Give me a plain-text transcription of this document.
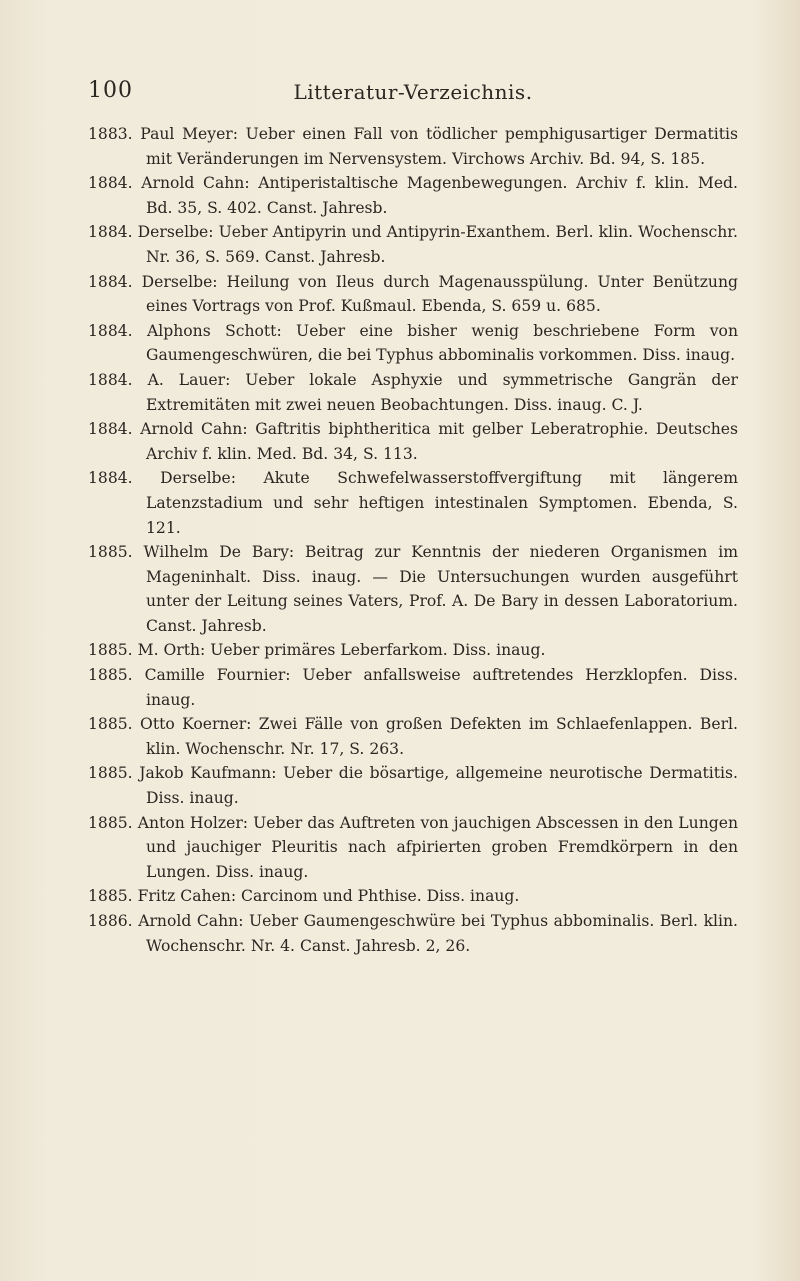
100	Litteratur-Verzeichnis.

1883. Paul Meyer: Ueber einen Fall von tödlicher pemphigusartiger Dermatitis mit Veränderungen im Nervensystem. Virchows Archiv. Bd. 94, S. 185.

1884. Arnold Cahn: Antiperistaltische Magenbewegungen. Archiv f. klin. Med. Bd. 35, S. 402. Canst. Jahresb.

1884. Derselbe: Ueber Antipyrin und Antipyrin-Exanthem. Berl. klin. Wochenschr. Nr. 36, S. 569. Canst. Jahresb.

1884. Derselbe: Heilung von Ileus durch Magenausspülung. Unter Benützung eines Vortrags von Prof. Kußmaul. Ebenda, S. 659 u. 685.

1884. Alphons Schott: Ueber eine bisher wenig beschriebene Form von Gaumengeschwüren, die bei Typhus abbominalis vorkommen. Diss. inaug.

1884. A. Lauer: Ueber lokale Asphyxie und symmetrische Gangrän der Extremitäten mit zwei neuen Beobachtungen. Diss. inaug. C. J.

1884. Arnold Cahn: Gaftritis biphtheritica mit gelber Leberatrophie. Deutsches Archiv f. klin. Med. Bd. 34, S. 113.

1884. Derselbe: Akute Schwefelwasserstoffvergiftung mit längerem Latenzstadium und sehr heftigen intestinalen Symptomen. Ebenda, S. 121.

1885. Wilhelm De Bary: Beitrag zur Kenntnis der niederen Organismen im Mageninhalt. Diss. inaug. — Die Untersuchungen wurden ausgeführt unter der Leitung seines Vaters, Prof. A. De Bary in dessen Laboratorium. Canst. Jahresb.

1885. M. Orth: Ueber primäres Leberfarkom. Diss. inaug.

1885. Camille Fournier: Ueber anfallsweise auftretendes Herzklopfen. Diss. inaug.

1885. Otto Koerner: Zwei Fälle von großen Defekten im Schlaefenlappen. Berl. klin. Wochenschr. Nr. 17, S. 263.

1885. Jakob Kaufmann: Ueber die bösartige, allgemeine neurotische Dermatitis. Diss. inaug.

1885. Anton Holzer: Ueber das Auftreten von jauchigen Abscessen in den Lungen und jauchiger Pleuritis nach afpirierten groben Fremdkörpern in den Lungen. Diss. inaug.

1885. Fritz Cahen: Carcinom und Phthise. Diss. inaug.

1886. Arnold Cahn: Ueber Gaumengeschwüre bei Typhus abbominalis. Berl. klin. Wochenschr. Nr. 4. Canst. Jahresb. 2, 26.
